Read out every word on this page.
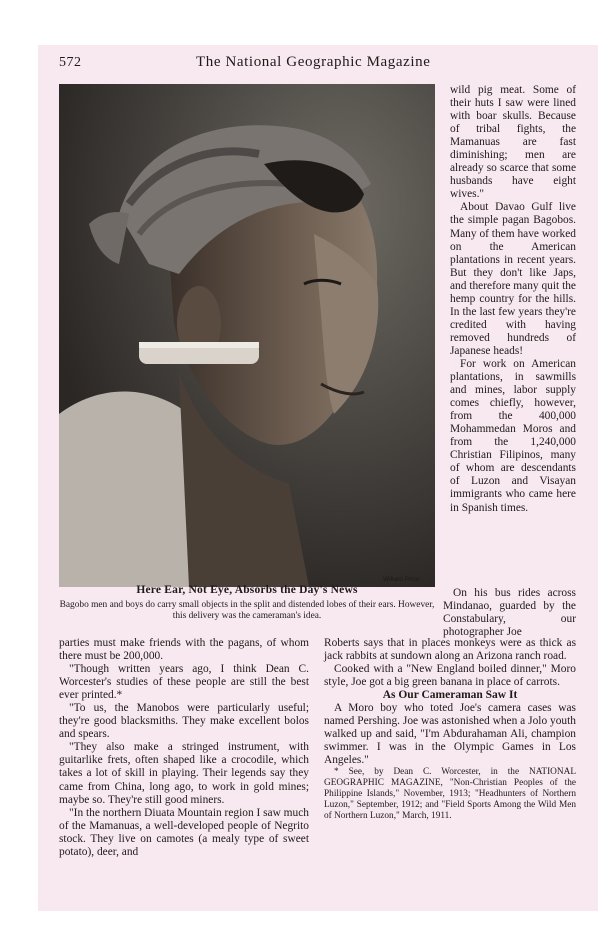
572	The National Geographic Magazine
Willard Price
Here Ear, Not Eye, Absorbs the Day's News
Bagobo men and boys do carry small objects in the split and distended lobes of their ears. However, this delivery was the cameraman's idea.

wild pig meat. Some of their huts I saw were lined with boar skulls. Because of tribal fights, the Mamanuas are fast diminishing; men are already so scarce that some husbands have eight wives."

About Davao Gulf live the simple pagan Bagobos. Many of them have worked on the American plantations in recent years. But they don't like Japs, and therefore many quit the hemp country for the hills. In the last few years they're credited with having removed hundreds of Japanese heads!

For work on American plantations, in sawmills and mines, labor supply comes chiefly, however, from the 400,000 Mohammedan Moros and from the 1,240,000 Christian Filipinos, many of whom are descendants of Luzon and Visayan immigrants who came here in Spanish times.

On his bus rides across Mindanao, guarded by the Constabulary, our photographer Joe

parties must make friends with the pagans, of whom there must be 200,000.

"Though written years ago, I think Dean C. Worcester's studies of these people are still the best ever printed.*

"To us, the Manobos were particularly useful; they're good blacksmiths. They make excellent bolos and spears.

"They also make a stringed instrument, with guitarlike frets, often shaped like a crocodile, which takes a lot of skill in playing. Their legends say they came from China, long ago, to work in gold mines; maybe so. They're still good miners.

"In the northern Diuata Mountain region I saw much of the Mamanuas, a well-developed people of Negrito stock. They live on camotes (a mealy type of sweet potato), deer, and

Roberts says that in places monkeys were as thick as jack rabbits at sundown along an Arizona ranch road.

Cooked with a "New England boiled dinner," Moro style, Joe got a big green banana in place of carrots.

As Our Cameraman Saw It

A Moro boy who toted Joe's camera cases was named Pershing. Joe was astonished when a Jolo youth walked up and said, "I'm Abdurahaman Ali, champion swimmer. I was in the Olympic Games in Los Angeles."

* See, by Dean C. Worcester, in the NATIONAL GEOGRAPHIC MAGAZINE, "Non-Christian Peoples of the Philippine Islands," November, 1913; "Headhunters of Northern Luzon," September, 1912; and "Field Sports Among the Wild Men of Northern Luzon," March, 1911.
